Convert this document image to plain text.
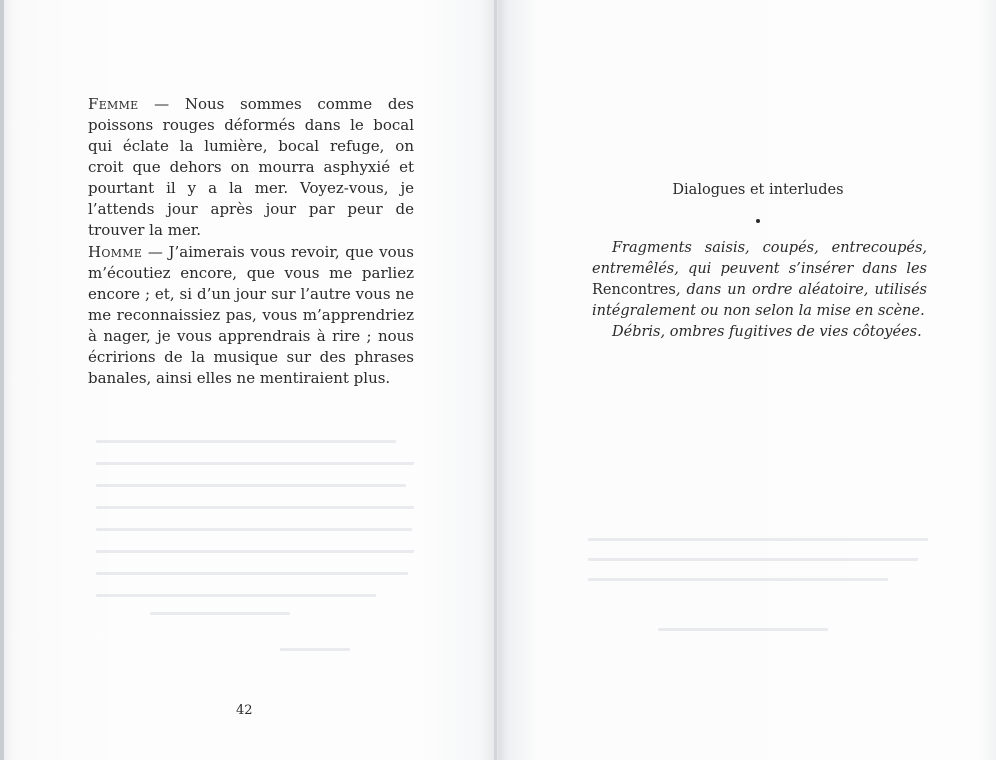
Femme — Nous sommes comme des poissons rouges déformés dans le bocal qui éclate la lumière, bocal refuge, on croit que dehors on mourra asphyxié et pourtant il y a la mer. Voyez-vous, je l’attends jour après jour par peur de trouver la mer.
Homme — J’aimerais vous revoir, que vous m’écoutiez encore, que vous me parliez encore ; et, si d’un jour sur l’autre vous ne me reconnaissiez pas, vous m’apprendriez à nager, je vous apprendrais à rire ; nous écririons de la musique sur des phrases banales, ainsi elles ne mentiraient plus.
42
Dialogues et interludes

Fragments saisis, coupés, entrecoupés, entremêlés, qui peuvent s’insérer dans les Rencontres, dans un ordre aléatoire, utilisés intégralement ou non selon la mise en scène.

Débris, ombres fugitives de vies côtoyées.
